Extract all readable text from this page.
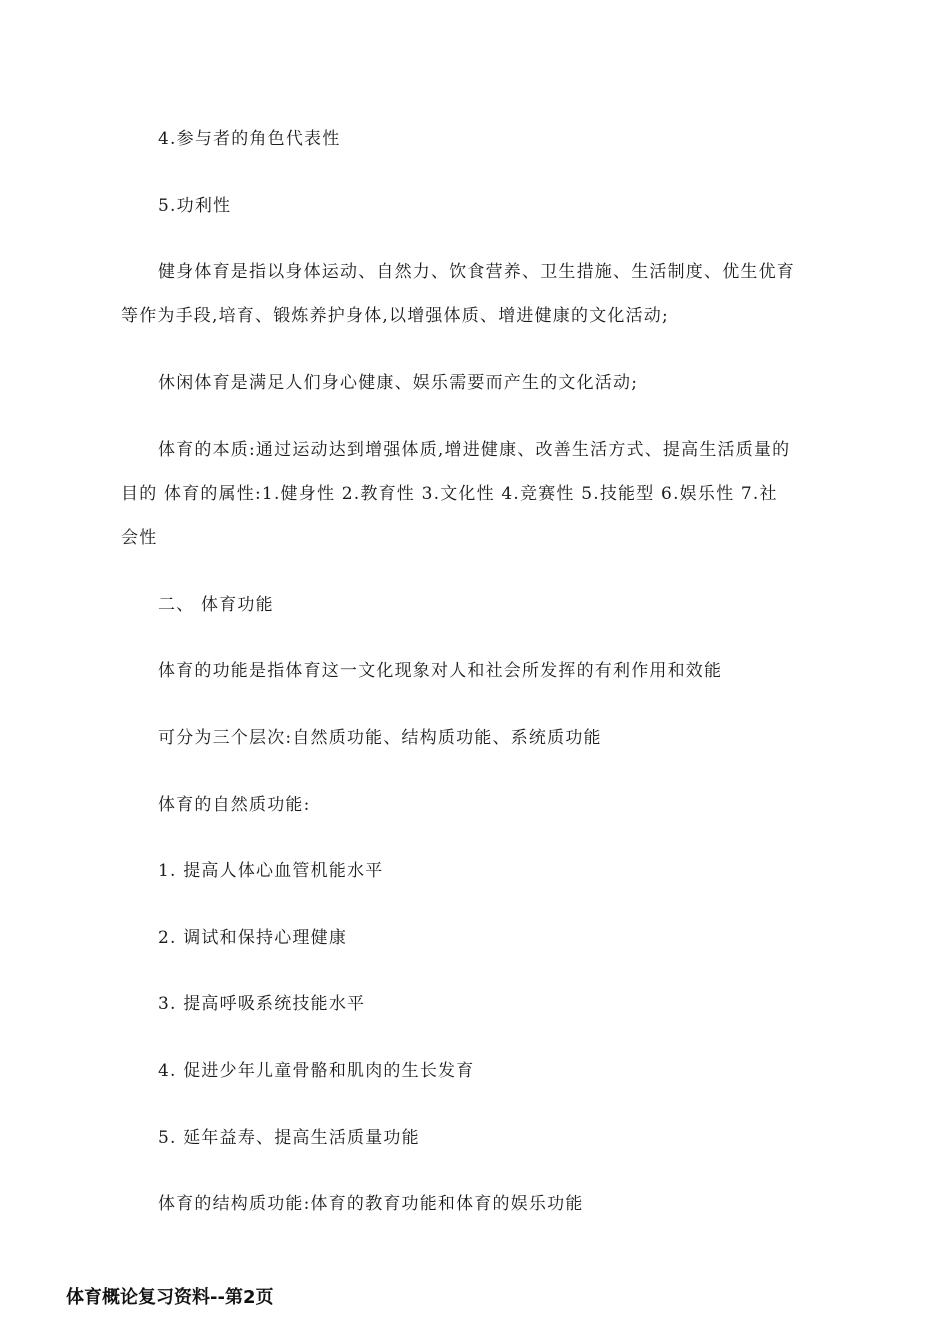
4.参与者的角色代表性
5.功利性
健身体育是指以身体运动、自然力、饮食营养、卫生措施、生活制度、优生优育
等作为手段,培育、锻炼养护身体,以增强体质、增进健康的文化活动;
休闲体育是满足人们身心健康、娱乐需要而产生的文化活动;
体育的本质:通过运动达到增强体质,增进健康、改善生活方式、提高生活质量的
目的 体育的属性:1.健身性 2.教育性 3.文化性 4.竞赛性 5.技能型 6.娱乐性 7.社
会性
二、 体育功能
体育的功能是指体育这一文化现象对人和社会所发挥的有利作用和效能
可分为三个层次:自然质功能、结构质功能、系统质功能
体育的自然质功能:
1. 提高人体心血管机能水平
2. 调试和保持心理健康
3. 提高呼吸系统技能水平
4. 促进少年儿童骨骼和肌肉的生长发育
5. 延年益寿、提高生活质量功能
体育的结构质功能:体育的教育功能和体育的娱乐功能
体育概论复习资料--第2页
